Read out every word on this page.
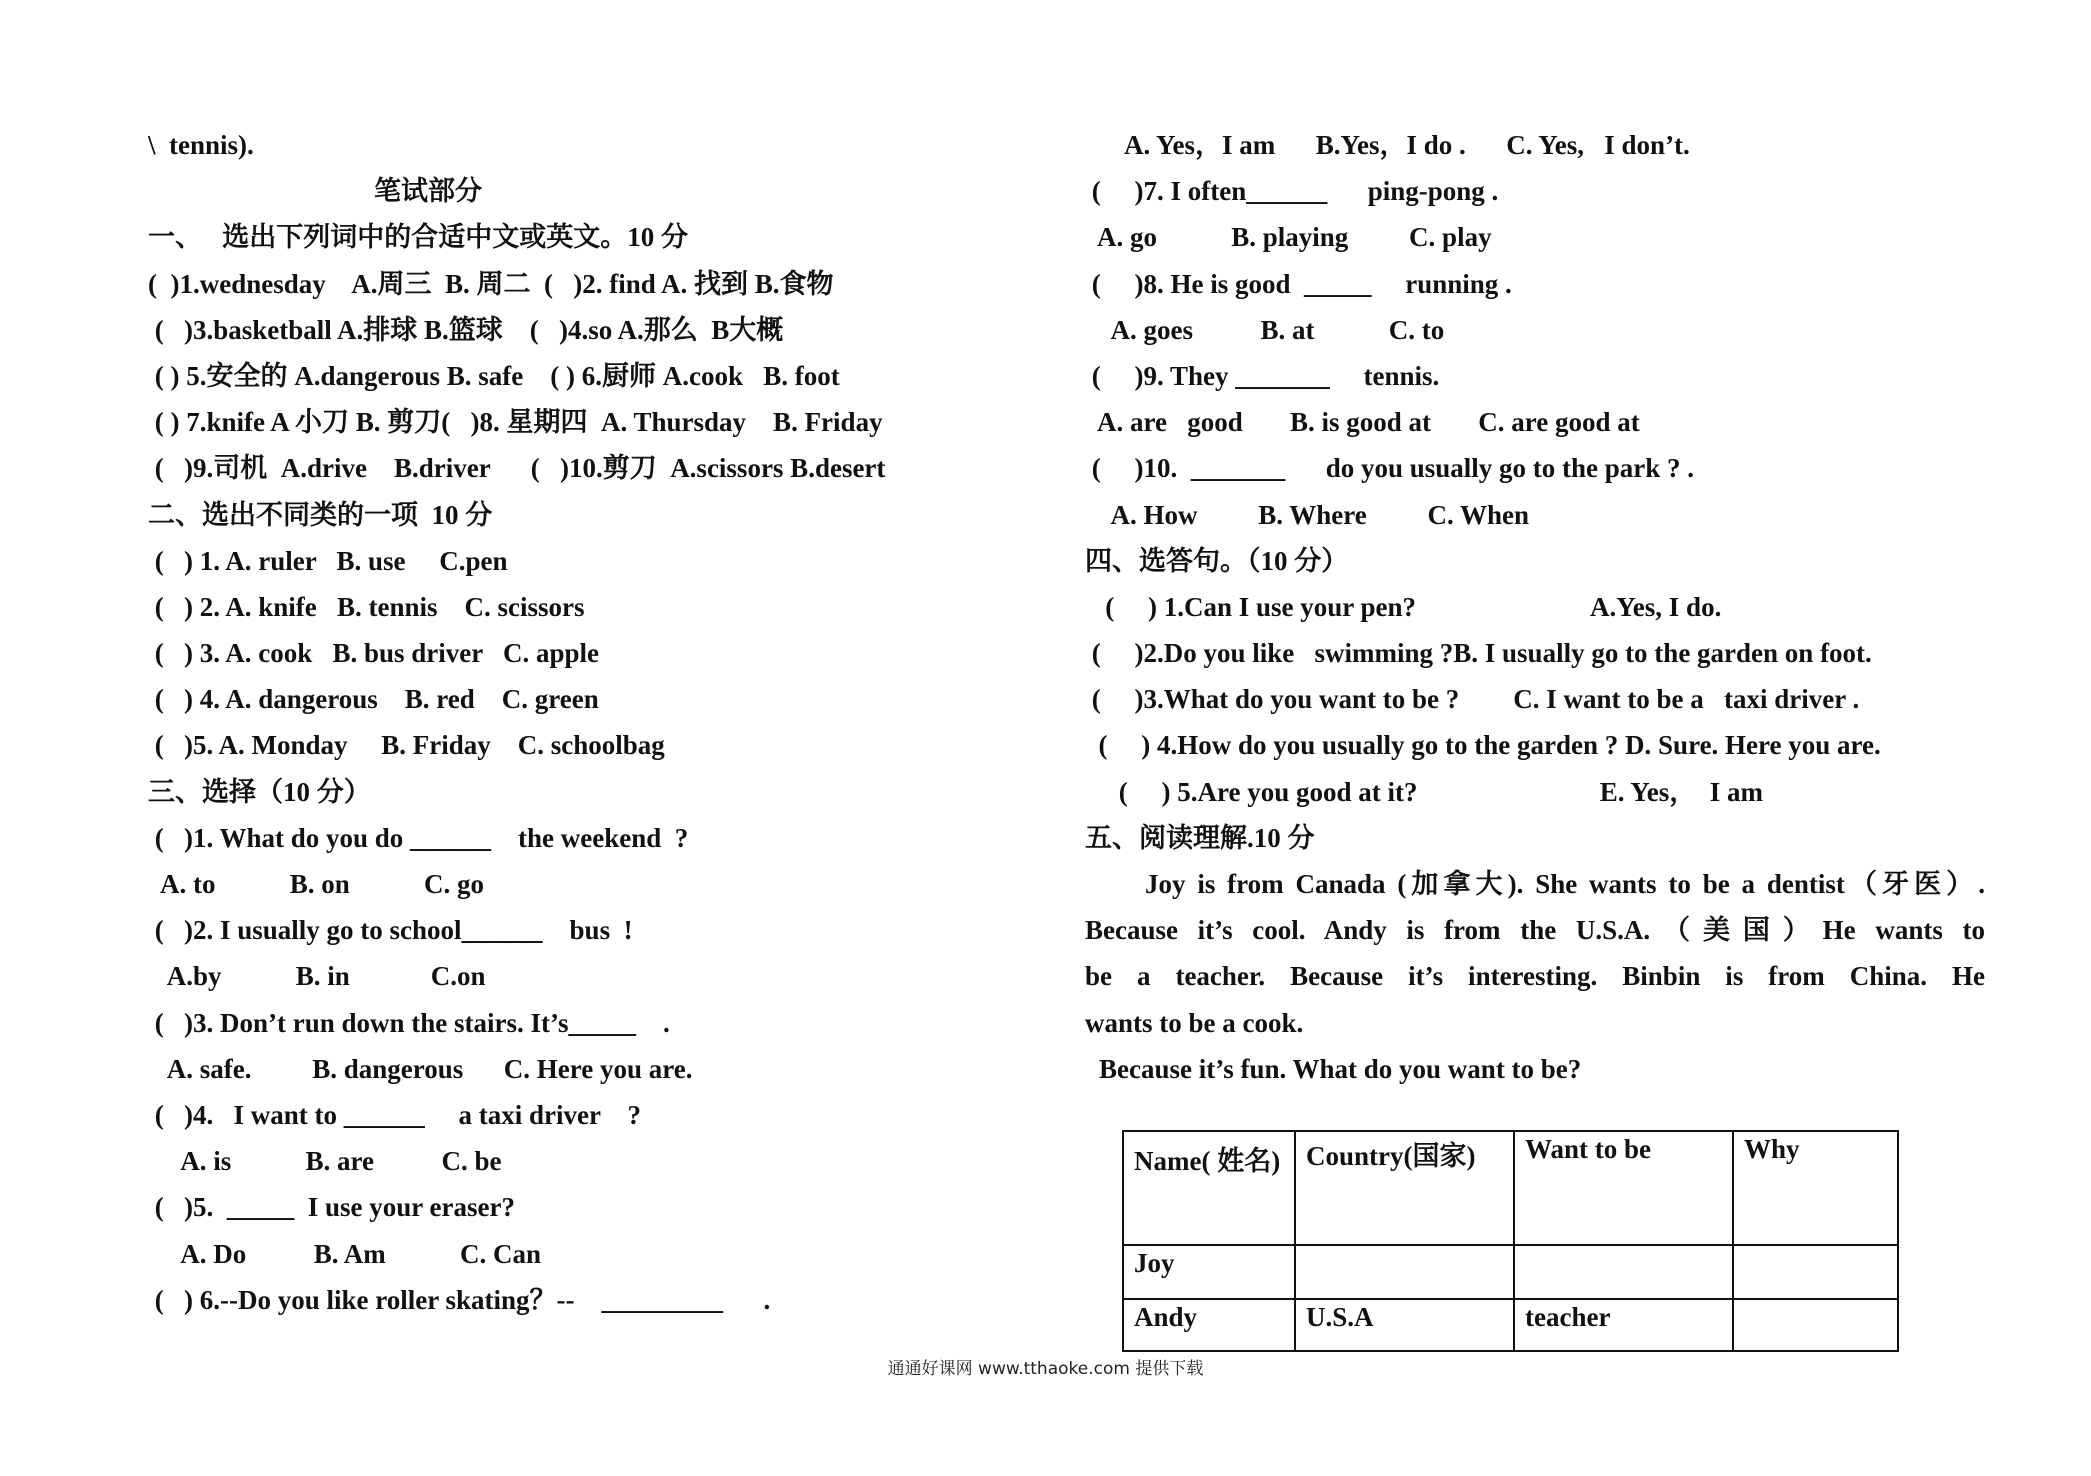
\  tennis).
笔试部分
一、   选出下列词中的合适中文或英文。10 分
(  )1.wednesday    A.周三  B. 周二  (   )2. find A. 找到 B.食物
(   )3.basketball A.排球 B.篮球    (   )4.so A.那么  B大概
( ) 5.安全的 A.dangerous B. safe    ( ) 6.厨师 A.cook   B. foot
( ) 7.knife A 小刀 B. 剪刀(   )8. 星期四  A. Thursday    B. Friday
(   )9.司机  A.drive    B.driver      (   )10.剪刀  A.scissors B.desert
二、选出不同类的一项  10 分
(   ) 1. A. ruler   B. use     C.pen
(   ) 2. A. knife   B. tennis    C. scissors
(   ) 3. A. cook   B. bus driver   C. apple
(   ) 4. A. dangerous    B. red    C. green
(   )5. A. Monday     B. Friday    C. schoolbag
三、选择（10 分）
(   )1. What do you do ______    the weekend  ?
A. to           B. on           C. go
(   )2. I usually go to school______    bus  !
A.by           B. in            C.on
(   )3. Don’t run down the stairs. It’s_____    .
A. safe.         B. dangerous      C. Here you are.
(   )4.   I want to ______     a taxi driver    ?
A. is           B. are          C. be
(   )5.  _____  I use your eraser?
A. Do          B. Am           C. Can
(   ) 6.--Do you like roller skating？--    _________      .
A. Yes，I am      B.Yes，I do .      C. Yes,   I don’t.
(     )7. I often______      ping-pong .
A. go           B. playing         C. play
(     )8. He is good  _____     running .
A. goes          B. at           C. to
(     )9. They _______     tennis.
A. are   good       B. is good at       C. are good at
(     )10.  _______      do you usually go to the park ? .
A. How         B. Where         C. When
四、选答句。（10 分）
(     ) 1.Can I use your pen?                          A.Yes, I do.
(     )2.Do you like   swimming ?B. I usually go to the garden on foot.
(     )3.What do you want to be ?        C. I want to be a   taxi driver .
(     ) 4.How do you usually go to the garden ? D. Sure. Here you are.
(     ) 5.Are you good at it?                           E. Yes，  I am
五、阅读理解.10 分
Joy is from Canada (加拿大). She wants to be a dentist（牙医）.
Because it’s cool. Andy is from the U.S.A.（美国）He wants to
be a teacher. Because it’s interesting. Binbin is from China. He
wants to be a cook.
Because it’s fun. What do you want to be?
Name( 姓名)	Country(国家)	Want to be	Why
Joy			
Andy	U.S.A	teacher	
通通好课网 www.tthaoke.com 提供下载
